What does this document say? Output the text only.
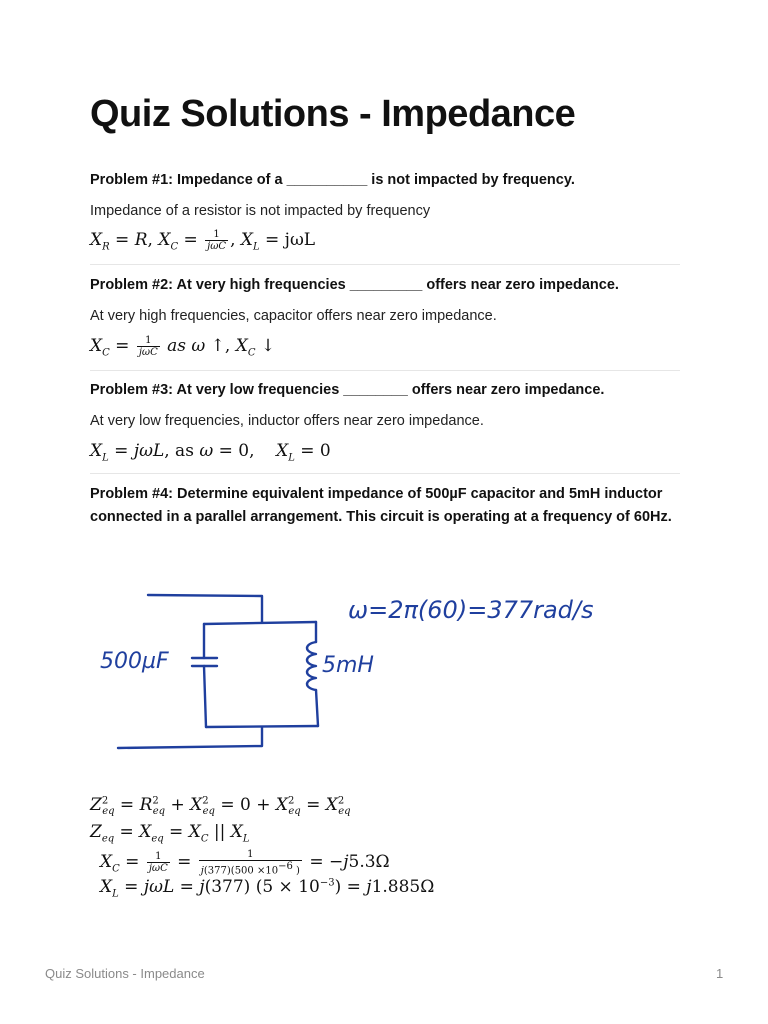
Quiz Solutions - Impedance
Problem #1: Impedance of a __________ is not impacted by frequency.
Impedance of a resistor is not impacted by frequency
$X_R = R$, $X_C = \frac{1}{\text{jωC}}$ , $X_L = j\omega L$
Problem #2: At very high frequencies _________ offers near zero impedance.
At very high frequencies, capacitor offers near zero impedance.
$X_C = \frac{1}{\text{jωC}}$ as ω ↑, $X_C$ ↓
Problem #3: At very low frequencies ________ offers near zero impedance.
At very low frequencies, inductor offers near zero impedance.
$X_L = j\omega L$, as ω = 0,    $X_L = 0$
Problem #4: Determine equivalent impedance of 500µF capacitor and 5mH inductor connected in a parallel arrangement. This circuit is operating at a frequency of 60Hz.
500µF	5mH
ω=2π(60)=377rad/s
$Z^2_{eq} = R^2_{eq} + X^2_{eq} = 0 + X^2_{eq} = X^2_{eq}$
$Z_{eq} = X_{eq} = X_C$ || $X_L$
$X_C = \frac{1}{\text{jωC}} = \frac{1}{j(377)(500 \times 10^{-6} )} = -j5.3\Omega$
$X_L = j\omega L = j(377) (5 \times 10^{-3}) = j1.885\Omega$
Quiz Solutions - Impedance	1
